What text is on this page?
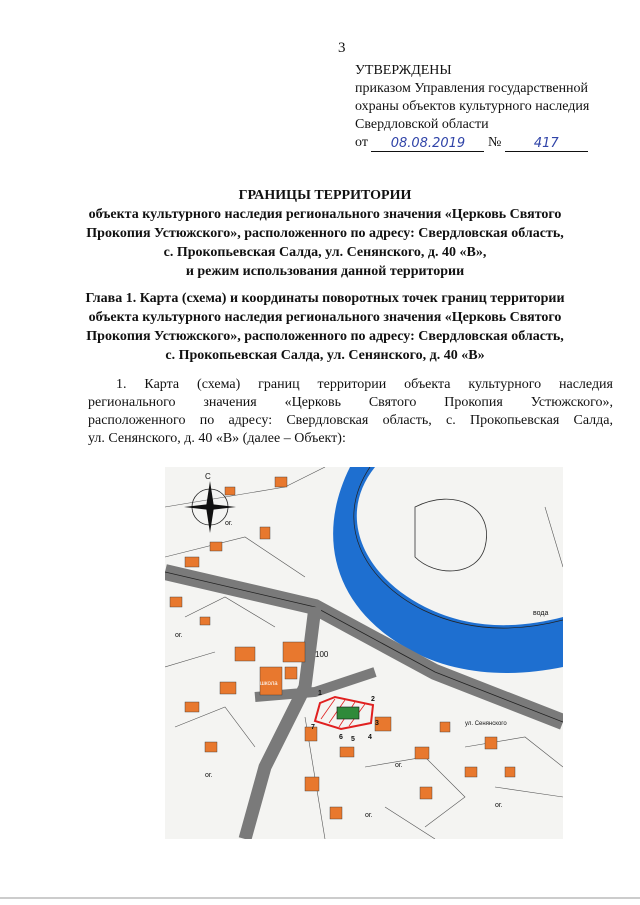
3
УТВЕРЖДЕНЫ
приказом Управления государственной
охраны объектов культурного наследия
Свердловской области
от
	08.08.2019
	№
	417
ГРАНИЦЫ ТЕРРИТОРИИ
объекта культурного наследия регионального значения «Церковь Святого
Прокопия Устюжского», расположенного по адресу: Свердловская область,
с. Прокопьевская Салда, ул. Сенянского, д. 40 «В»,
и режим использования данной территории
Глава 1. Карта (схема) и координаты поворотных точек границ территории
объекта культурного наследия регионального значения «Церковь Святого
Прокопия Устюжского», расположенного по адресу: Свердловская область,
с. Прокопьевская Салда, ул. Сенянского, д. 40 «В»
1. Карта (схема) границ территории объекта культурного наследия
регионального значения «Церковь Святого Прокопия Устюжского»,
расположенного по адресу: Свердловская область, с. Прокопьевская Салда,
ул. Сенянского, д. 40 «В» (далее – Объект):
С
вода
100
школа
ул. Сенянского
ог.
ог.
ог.
ог.
ог.
ог.
1
2
3
4
5
6
7
